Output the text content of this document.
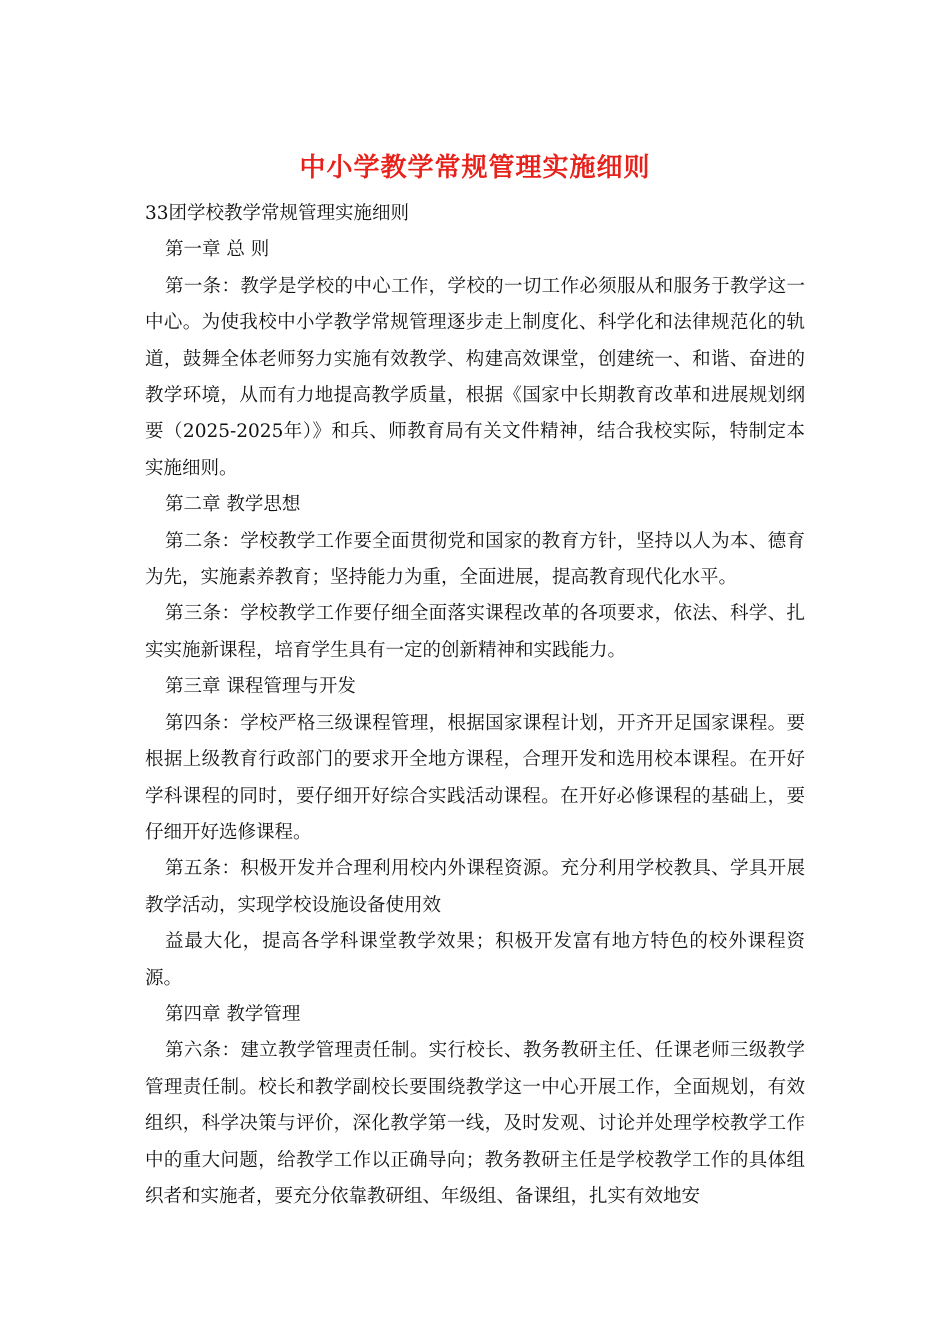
中小学教学常规管理实施细则

33团学校教学常规管理实施细则

第一章 总 则

第一条：教学是学校的中心工作，学校的一切工作必须服从和服务于教学这一中心。为使我校中小学教学常规管理逐步走上制度化、科学化和法律规范化的轨道，鼓舞全体老师努力实施有效教学、构建高效课堂，创建统一、和谐、奋进的教学环境，从而有力地提高教学质量，根据《国家中长期教育改革和进展规划纲要（2025-2025年）》和兵、师教育局有关文件精神，结合我校实际，特制定本实施细则。

第二章 教学思想

第二条：学校教学工作要全面贯彻党和国家的教育方针，坚持以人为本、德育为先，实施素养教育；坚持能力为重，全面进展，提高教育现代化水平。

第三条：学校教学工作要仔细全面落实课程改革的各项要求，依法、科学、扎实实施新课程，培育学生具有一定的创新精神和实践能力。

第三章 课程管理与开发

第四条：学校严格三级课程管理，根据国家课程计划，开齐开足国家课程。要根据上级教育行政部门的要求开全地方课程，合理开发和选用校本课程。在开好学科课程的同时，要仔细开好综合实践活动课程。在开好必修课程的基础上，要仔细开好选修课程。

第五条：积极开发并合理利用校内外课程资源。充分利用学校教具、学具开展教学活动，实现学校设施设备使用效

益最大化，提高各学科课堂教学效果；积极开发富有地方特色的校外课程资源。

第四章 教学管理

第六条：建立教学管理责任制。实行校长、教务教研主任、任课老师三级教学管理责任制。校长和教学副校长要围绕教学这一中心开展工作，全面规划，有效组织，科学决策与评价，深化教学第一线，及时发观、讨论并处理学校教学工作中的重大问题，给教学工作以正确导向；教务教研主任是学校教学工作的具体组织者和实施者，要充分依靠教研组、年级组、备课组，扎实有效地安
